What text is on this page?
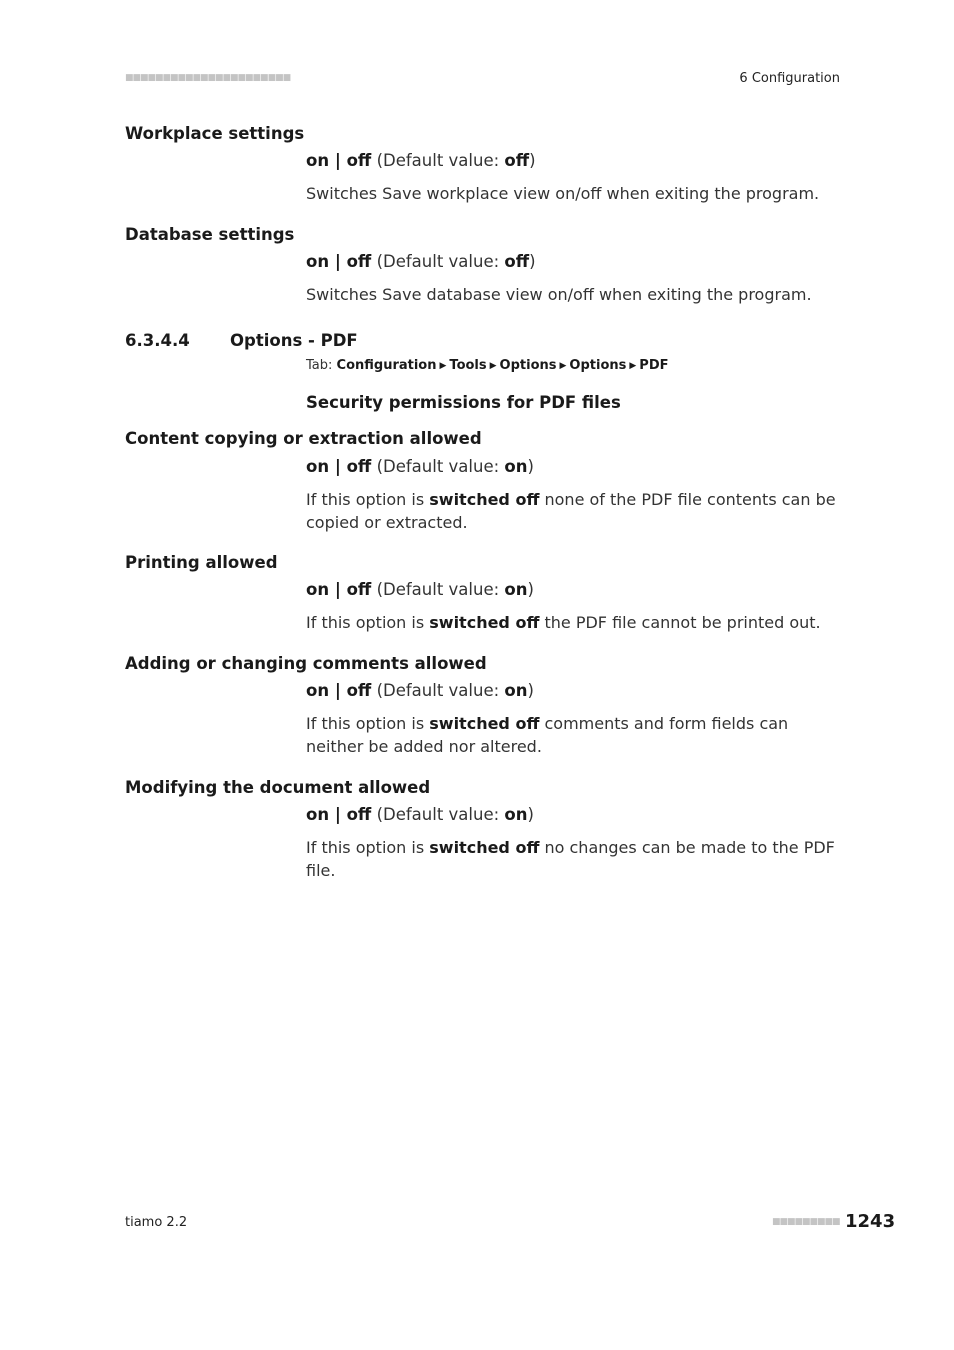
■■■■■■■■■■■■■■■■■■■■■■	6 Configuration
Workplace settings
on | off (Default value: off)
Switches Save workplace view on/off when exiting the program.
Database settings
on | off (Default value: off)
Switches Save database view on/off when exiting the program.
6.3.4.4 Options - PDF
Tab: Configuration ▶ Tools ▶ Options ▶ Options ▶ PDF
Security permissions for PDF files
Content copying or extraction allowed
on | off (Default value: on)
If this option is switched off none of the PDF file contents can be copied or extracted.
Printing allowed
on | off (Default value: on)
If this option is switched off the PDF file cannot be printed out.
Adding or changing comments allowed
on | off (Default value: on)
If this option is switched off comments and form fields can neither be added nor altered.
Modifying the document allowed
on | off (Default value: on)
If this option is switched off no changes can be made to the PDF file.
tiamo 2.2	■■■■■■■■■ 1243
